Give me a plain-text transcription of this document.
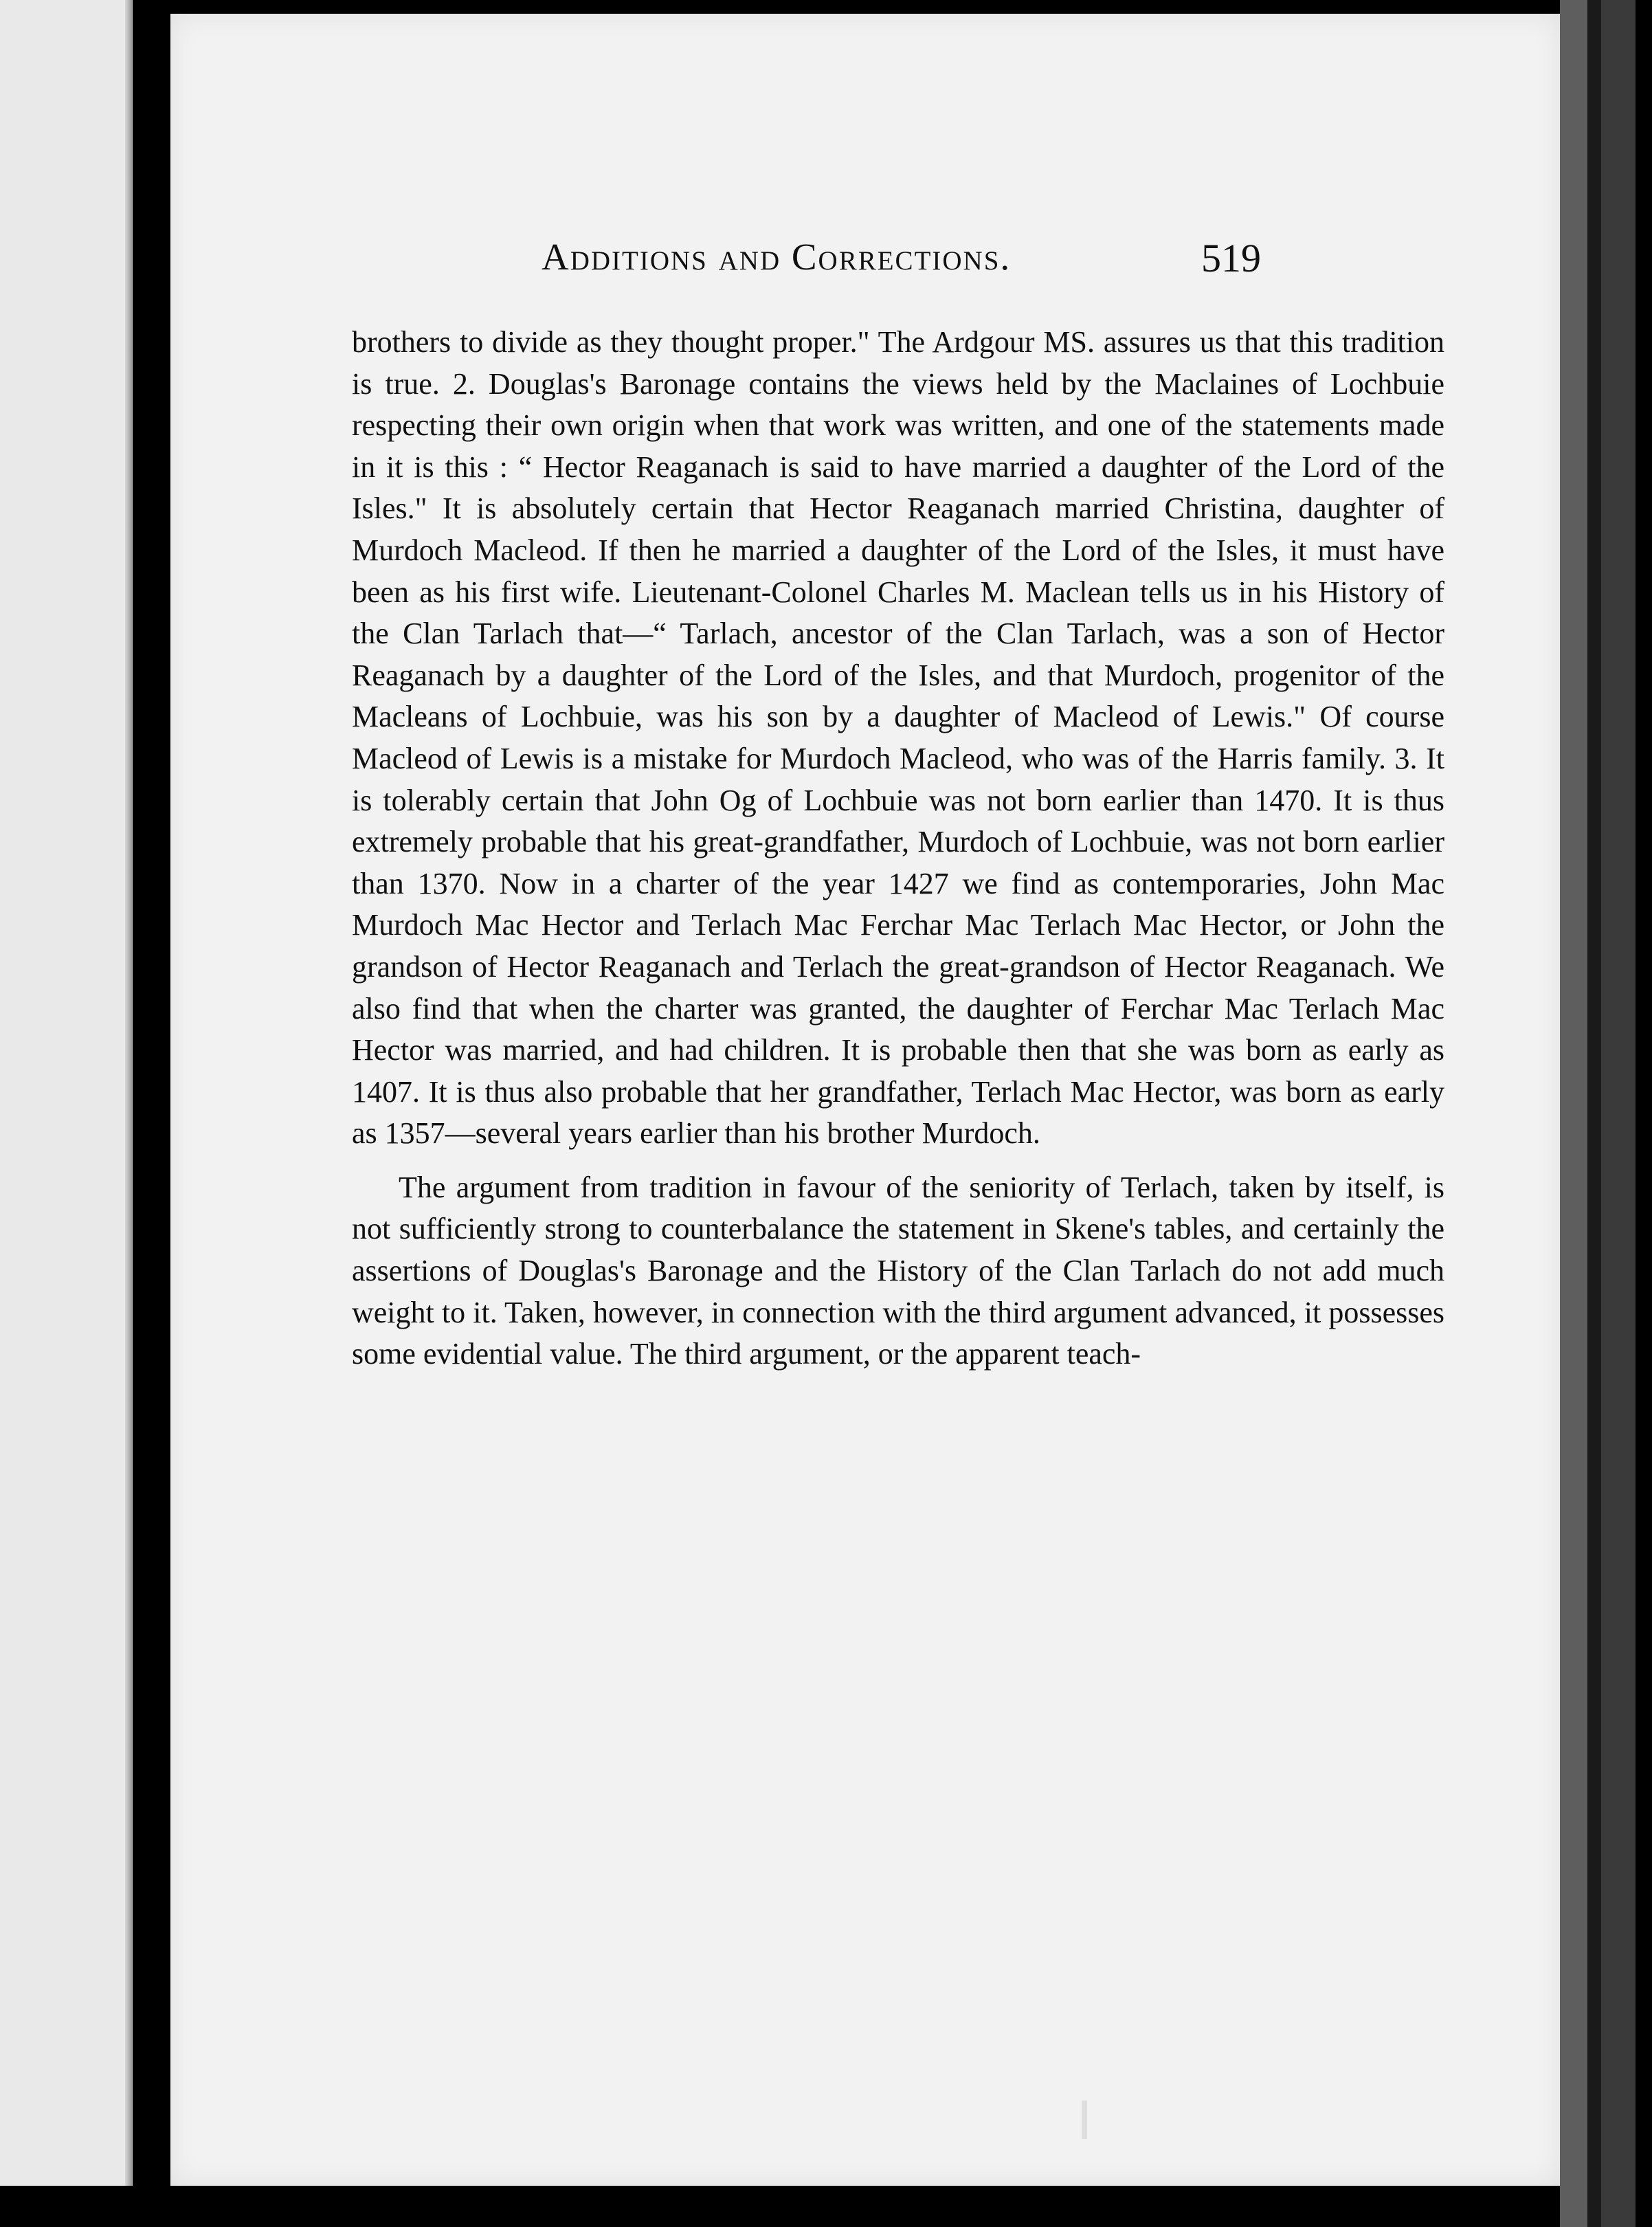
Additions and Corrections.	519

brothers to divide as they thought proper." The Ardgour MS. assures us that this tradition is true. 2. Douglas's Baronage contains the views held by the Maclaines of Lochbuie respecting their own origin when that work was written, and one of the statements made in it is this : “ Hector Reaganach is said to have married a daughter of the Lord of the Isles." It is absolutely certain that Hector Reaganach married Christina, daughter of Murdoch Macleod. If then he married a daughter of the Lord of the Isles, it must have been as his first wife. Lieutenant-Colonel Charles M. Maclean tells us in his History of the Clan Tarlach that—“ Tarlach, ancestor of the Clan Tarlach, was a son of Hector Reaganach by a daughter of the Lord of the Isles, and that Murdoch, progenitor of the Macleans of Lochbuie, was his son by a daughter of Macleod of Lewis." Of course Macleod of Lewis is a mistake for Murdoch Macleod, who was of the Harris family. 3. It is tolerably certain that John Og of Lochbuie was not born earlier than 1470. It is thus extremely probable that his great-grandfather, Murdoch of Lochbuie, was not born earlier than 1370. Now in a charter of the year 1427 we find as contemporaries, John Mac Murdoch Mac Hector and Terlach Mac Ferchar Mac Terlach Mac Hector, or John the grandson of Hector Reaganach and Terlach the great-grandson of Hector Reaganach. We also find that when the charter was granted, the daughter of Ferchar Mac Terlach Mac Hector was married, and had children. It is probable then that she was born as early as 1407. It is thus also probable that her grandfather, Terlach Mac Hector, was born as early as 1357—several years earlier than his brother Murdoch.

The argument from tradition in favour of the seniority of Terlach, taken by itself, is not sufficiently strong to counterbalance the statement in Skene's tables, and certainly the assertions of Douglas's Baronage and the History of the Clan Tarlach do not add much weight to it. Taken, however, in connection with the third argument advanced, it possesses some evidential value. The third argument, or the apparent teach-
